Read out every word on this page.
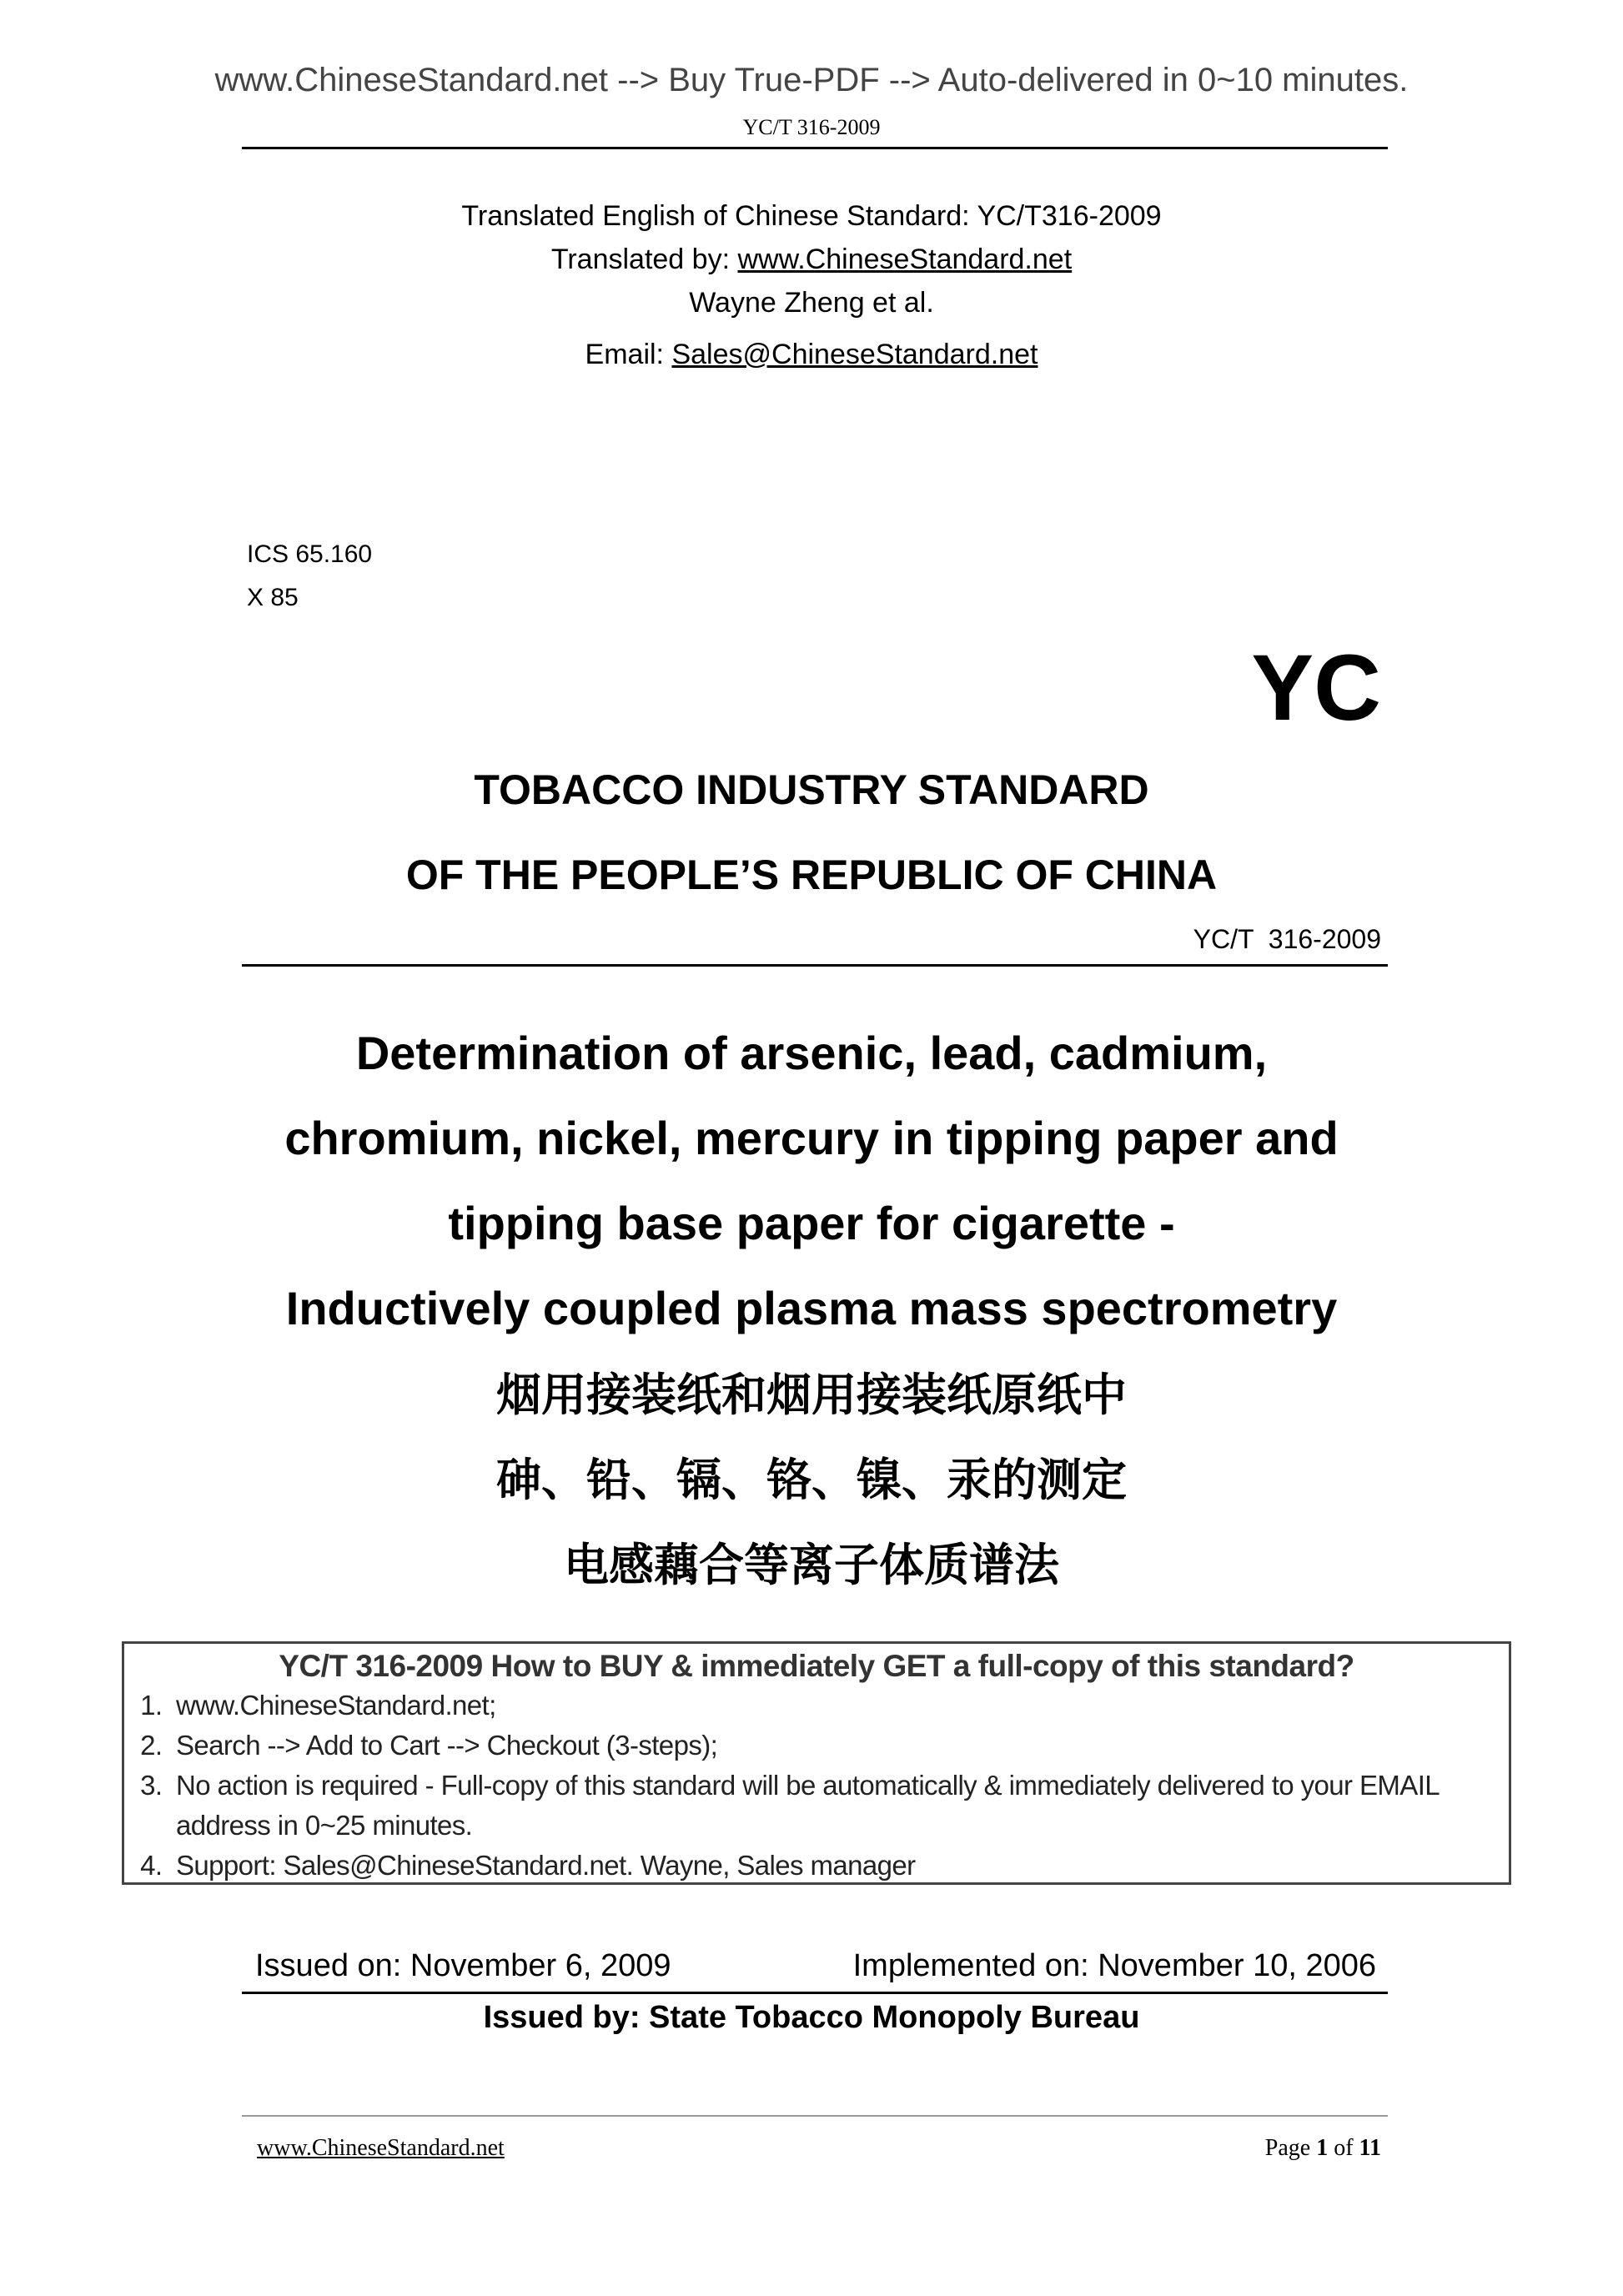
www.ChineseStandard.net --> Buy True-PDF --> Auto-delivered in 0~10 minutes.
YC/T 316-2009
Translated English of Chinese Standard: YC/T316-2009
Translated by: www.ChineseStandard.net
Wayne Zheng et al.
Email: Sales@ChineseStandard.net
ICS 65.160
X 85
YC
TOBACCO INDUSTRY STANDARD
OF THE PEOPLE’S REPUBLIC OF CHINA
YC/T  316-2009
Determination of arsenic, lead, cadmium,
chromium, nickel, mercury in tipping paper and
tipping base paper for cigarette -
Inductively coupled plasma mass spectrometry
烟用接装纸和烟用接装纸原纸中
砷、铅、镉、铬、镍、汞的测定
电感藕合等离子体质谱法
YC/T 316-2009 How to BUY & immediately GET a full-copy of this standard?
1. www.ChineseStandard.net;
2. Search --> Add to Cart --> Checkout (3-steps);
3. No action is required - Full-copy of this standard will be automatically & immediately delivered to your EMAIL address in 0~25 minutes.
4. Support: Sales@ChineseStandard.net. Wayne, Sales manager
Issued on: November 6, 2009	Implemented on: November 10, 2006
Issued by: State Tobacco Monopoly Bureau
www.ChineseStandard.net	Page 1 of 11
